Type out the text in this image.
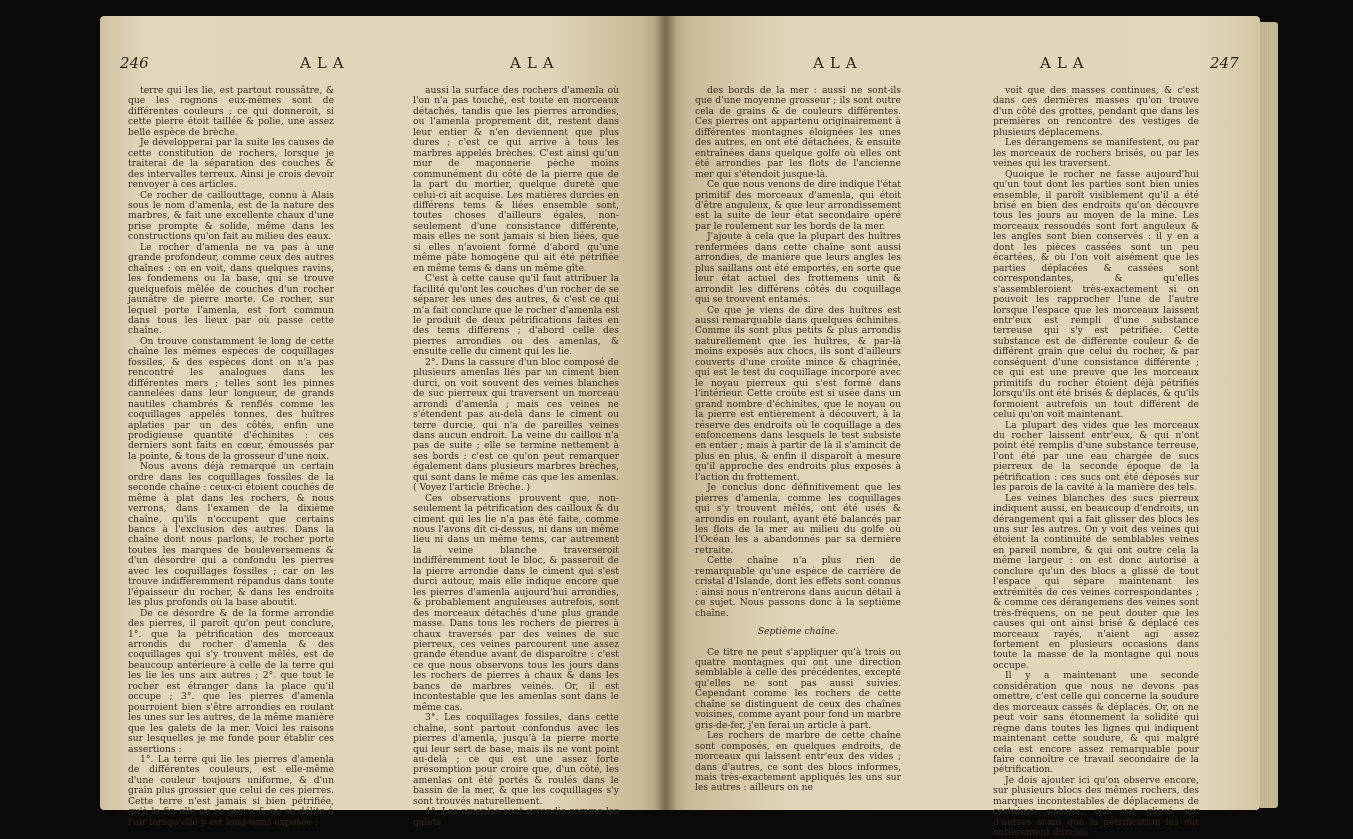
246	ALA	ALA

terre qui les lie, est partout roussâtre, & que les rognons eux-mêmes sont de différentes couleurs ; ce qui donneroit, si cette pierre étoit taillée & polie, une assez belle espèce de brèche.

Je développerai par la suite les causes de cette constitution de rochers, lorsque je traiterai de la séparation des couches & des intervalles terreux. Ainsi je crois devoir renvoyer à ces articles.

Ce rocher de caillouttage, connu à Alais sous le nom d'amenla, est de la nature des marbres, & fait une excellente chaux d'une prise prompte & solide, même dans les constructions qu'on fait au milieu des eaux.

Le rocher d'amenla ne va pas à une grande profondeur, comme ceux des autres chaînes : on en voit, dans quelques ravins, les fondemens ou la base, qui se trouve quelquefois mêlée de couches d'un rocher jaunâtre de pierre morte. Ce rocher, sur lequel porte l'amenla, est fort commun dans tous les lieux par où passe cette chaîne.

On trouve constamment le long de cette chaîne les mêmes espèces de coquillages fossiles, & des espèces dont on n'a pas rencontré les analogues dans les différentes mers ; telles sont les pinnes cannelées dans leur longueur, de grands nautiles chambrés & renflés comme les coquillages appelés tonnes, des huîtres aplaties par un des côtés, enfin une prodigieuse quantité d'échinites : ces derniers sont faits en cœur, émoussés par la pointe, & tous de la grosseur d'une noix.

Nous avons déjà remarqué un certain ordre dans les coquillages fossiles de la seconde chaîne : ceux-ci étoient couchés de même à plat dans les rochers, & nous verrons, dans l'examen de la dixième chaîne, qu'ils n'occupent que certains bancs à l'exclusion des autres. Dans la chaîne dont nous parlons, le rocher porte toutes les marques de bouleversemens & d'un désordre qui a confondu les pierres avec les coquillages fossiles ; car on les trouve indifféremment répandus dans toute l'épaisseur du rocher, & dans les endroits les plus profonds où la base aboutit.

De ce désordre & de la forme arrondie des pierres, il paroît qu'on peut conclure, 1°. que la pétrification des morceaux arrondis du rocher d'amenla & des coquillages qui s'y trouvent mêlés, est de beaucoup antérieure à celle de la terre qui les lie les uns aux autres ; 2°. que tout le rocher est étranger dans la place qu'il occupe ; 3°. que les pierres d'amenla pourroient bien s'être arrondies en roulant les unes sur les autres, de la même manière que les galets de la mer. Voici les raisons sur lesquelles je me fonde pour établir ces assertions :

1°. La terre qui lie les pierres d'amenla de différentes couleurs, est elle-même d'une couleur toujours uniforme, & d'un grain plus grossier que celui de ces pierres. Cette terre n'est jamais si bien pétrifiée, qu'à la fin elle ne se gerce & ne se délite à l'air lorsqu'elle y est long-tems exposée :

aussi la surface des rochers d'amenla où l'on n'a pas touché, est toute en morceaux détachés, tandis que les pierres arrondies, ou l'amenla proprement dit, restent dans leur entier & n'en deviennent que plus dures ; c'est ce qui arrive à tous les marbres appelés brèches. C'est ainsi qu'un mur de maçonnerie pèche moins communément du côté de la pierre que de la part du mortier, quelque dureté que celui-ci ait acquise. Les matières durcies en différens tems & liées ensemble sont, toutes choses d'ailleurs égales, non-seulement d'une consistance différente, mais elles ne sont jamais si bien liées, que si elles n'avoient formé d'abord qu'une même pâte homogène qui ait été pétrifiée en même tems & dans un même gîte.

C'est à cette cause qu'il faut attribuer la facilité qu'ont les couches d'un rocher de se séparer les unes des autres, & c'est ce qui m'a fait conclure que le rocher d'amenla est le produit de deux pétrifications faites en des tems différens ; d'abord celle des pierres arrondies ou des amenlas, & ensuite celle du ciment qui les lie.

2°. Dans la cassure d'un bloc composé de plusieurs amenlas liés par un ciment bien durci, on voit souvent des veines blanches de suc pierreux qui traversent un morceau arrondi d'amenla ; mais ces veines ne s'étendent pas au-delà dans le ciment ou terre durcie, qui n'a de pareilles veines dans aucun endroit. La veine du caillou n'a pas de suite ; elle se termine nettement à ses bords : c'est ce qu'on peut remarquer également dans plusieurs marbres brèches, qui sont dans le même cas que les amenlas. ( Voyez l'article Brèche. )

Ces observations prouvent que, non-seulement la pétrification des cailloux & du ciment qui les lie n'a pas été faite, comme nous l'avons dit ci-dessus, ni dans un même lieu ni dans un même tems, car autrement la veine blanche traverseroit indifféremment tout le bloc, & passeroit de la pierre arrondie dans le ciment qui s'est durci autour, mais elle indique encore que les pierres d'amenla aujourd'hui arrondies, & probablement anguleuses autrefois, sont des morceaux détachés d'une plus grande masse. Dans tous les rochers de pierres à chaux traversés par des veines de suc pierreux, ces veines parcourent une assez grande étendue avant de disparoître : c'est ce que nous observons tous les jours dans les rochers de pierres à chaux & dans les bancs de marbres veinés. Or, il est incontestable que les amenlas sont dans le même cas.

3°. Les coquillages fossiles, dans cette chaîne, sont partout confondus avec les pierres d'amenla, jusqu'à la pierre morte qui leur sert de base, mais ils ne vont point au-delà ; ce qui est une assez forte présomption pour croire que, d'un côté, les amenlas ont été portés & roulés dans le bassin de la mer, & que les coquillages s'y sont trouvés naturellement.

4°. Les amenlas sont arrondis comme les galets

ALA	ALA	247

des bords de la mer : aussi ne sont-ils que d'une moyenne grosseur ; ils sont outre cela de grains & de couleurs différentes. Ces pierres ont appartenu originairement à différentes montagnes éloignées les unes des autres, en ont été détachées, & ensuite entraînées dans quelque golfe où elles ont été arrondies par les flots de l'ancienne mer qui s'étendoit jusque-là.

Ce que nous venons de dire indique l'état primitif des morceaux d'amenla, qui étoit d'être anguleux, & que leur arrondissement est la suite de leur état secondaire opéré par le roulement sur les bords de la mer.

J'ajoute à cela que la plupart des huîtres renfermées dans cette chaîne sont aussi arrondies, de manière que leurs angles les plus saillans ont été emportés, en sorte que leur état actuel des frottemens unit & arrondit les différens côtés du coquillage qui se trouvent entamés.

Ce que je viens de dire des huîtres est aussi remarquable dans quelques échinites. Comme ils sont plus petits & plus arrondis naturellement que les huîtres, & par-là moins exposés aux chocs, ils sont d'ailleurs couverts d'une croûte mince & chagrinée, qui est le test du coquillage incorporé avec le noyau pierreux qui s'est formé dans l'intérieur. Cette croûte est si usée dans un grand nombre d'échinites, que le noyau ou la pierre est entièrement à découvert, à la réserve des endroits où le coquillage a des enfoncemens dans lesquels le test subsiste en entier ; mais à partir de là il s'amincit de plus en plus, & enfin il disparoît à mesure qu'il approche des endroits plus exposés à l'action du frottement.

Je conclus donc définitivement que les pierres d'amenla, comme les coquillages qui s'y trouvent mêlés, ont été usés & arrondis en roulant, ayant été balancés par les flots de la mer au milieu du golfe où l'Océan les a abandonnés par sa dernière retraite.

Cette chaîne n'a plus rien de remarquable qu'une espèce de carrière de cristal d'Islande, dont les effets sont connus : ainsi nous n'entrerons dans aucun détail à ce sujet. Nous passons donc à la septième chaîne.

Septième chaîne.

Ce titre ne peut s'appliquer qu'à trois ou quatre montagnes qui ont une direction semblable à celle des précédentes, excepté qu'elles ne sont pas aussi suivies. Cependant comme les rochers de cette chaîne se distinguent de ceux des chaînes voisines, comme ayant pour fond un marbre gris-de-fer, j'en ferai un article à part.

Les rochers de marbre de cette chaîne sont composés, en quelques endroits, de morceaux qui laissent entr'eux des vides ; dans d'autres, ce sont des blocs informes, mais très-exactement appliqués les uns sur les autres : ailleurs on ne

voit que des masses continues, & c'est dans ces dernières masses qu'on trouve d'un côté des grottes, pendant que dans les premières on rencontre des vestiges de plusieurs déplacemens.

Les dérangemens se manifestent, ou par les morceaux de rochers brisés, ou par les veines qui les traversent.

Quoique le rocher ne fasse aujourd'hui qu'un tout dont les parties sont bien unies ensemble, il paroît visiblement qu'il a été brisé en bien des endroits qu'on découvre tous les jours au moyen de la mine. Les morceaux ressoudés sont fort anguleux & les angles sont bien conservés : il y en a dont les pièces cassées sont un peu écartées, & où l'on voit aisément que les parties déplacées & cassées sont correspondantes, & qu'elles s'assembleroient très-exactement si on pouvoit les rapprocher l'une de l'autre lorsque l'espace que les morceaux laissent entr'eux est rempli d'une substance terreuse qui s'y est pétrifiée. Cette substance est de différente couleur & de différent grain que celui du rocher, & par conséquent d'une consistance différente ; ce qui est une preuve que les morceaux primitifs du rocher étoient déjà pétrifiés lorsqu'ils ont été brisés & déplacés, & qu'ils formoient autrefois un tout différent de celui qu'on voit maintenant.

La plupart des vides que les morceaux du rocher laissent entr'eux, & qui n'ont point été remplis d'une substance terreuse, l'ont été par une eau chargée de sucs pierreux de la seconde époque de la pétrification : ces sucs ont été déposés sur les parois de la cavité à la manière des tels.

Les veines blanches des sucs pierreux indiquent aussi, en beaucoup d'endroits, un dérangement qui a fait glisser des blocs les uns sur les autres. On y voit des veines qui étoient la continuité de semblables veines en pareil nombre, & qui ont outre cela la même largeur : on est donc autorisé à conclure qu'un des blocs a glissé de tout l'espace qui sépare maintenant les extrémités de ces veines correspondantes ; & comme ces dérangemens des veines sont très-fréquens, on ne peut douter que les causes qui ont ainsi brisé & déplacé ces morceaux rayés, n'aient agi assez fortement en plusieurs occasions dans toute la masse de la montagne qui nous occupe.

Il y a maintenant une seconde considération que nous ne devons pas omettre, c'est celle qui concerne la soudure des morceaux cassés & déplacés. Or, on ne peut voir sans étonnement la solidité qui règne dans toutes les lignes qui indiquent maintenant cette soudure, & qui malgré cela est encore assez remarquable pour faire connoître ce travail secondaire de la pétrification.

Je dois ajouter ici qu'on observe encore, sur plusieurs blocs des mêmes rochers, des marques incontestables de déplacemens de certaines masses, qui ont glissé sur d'autres avant que la pétrification les eût entièrement durcies.
